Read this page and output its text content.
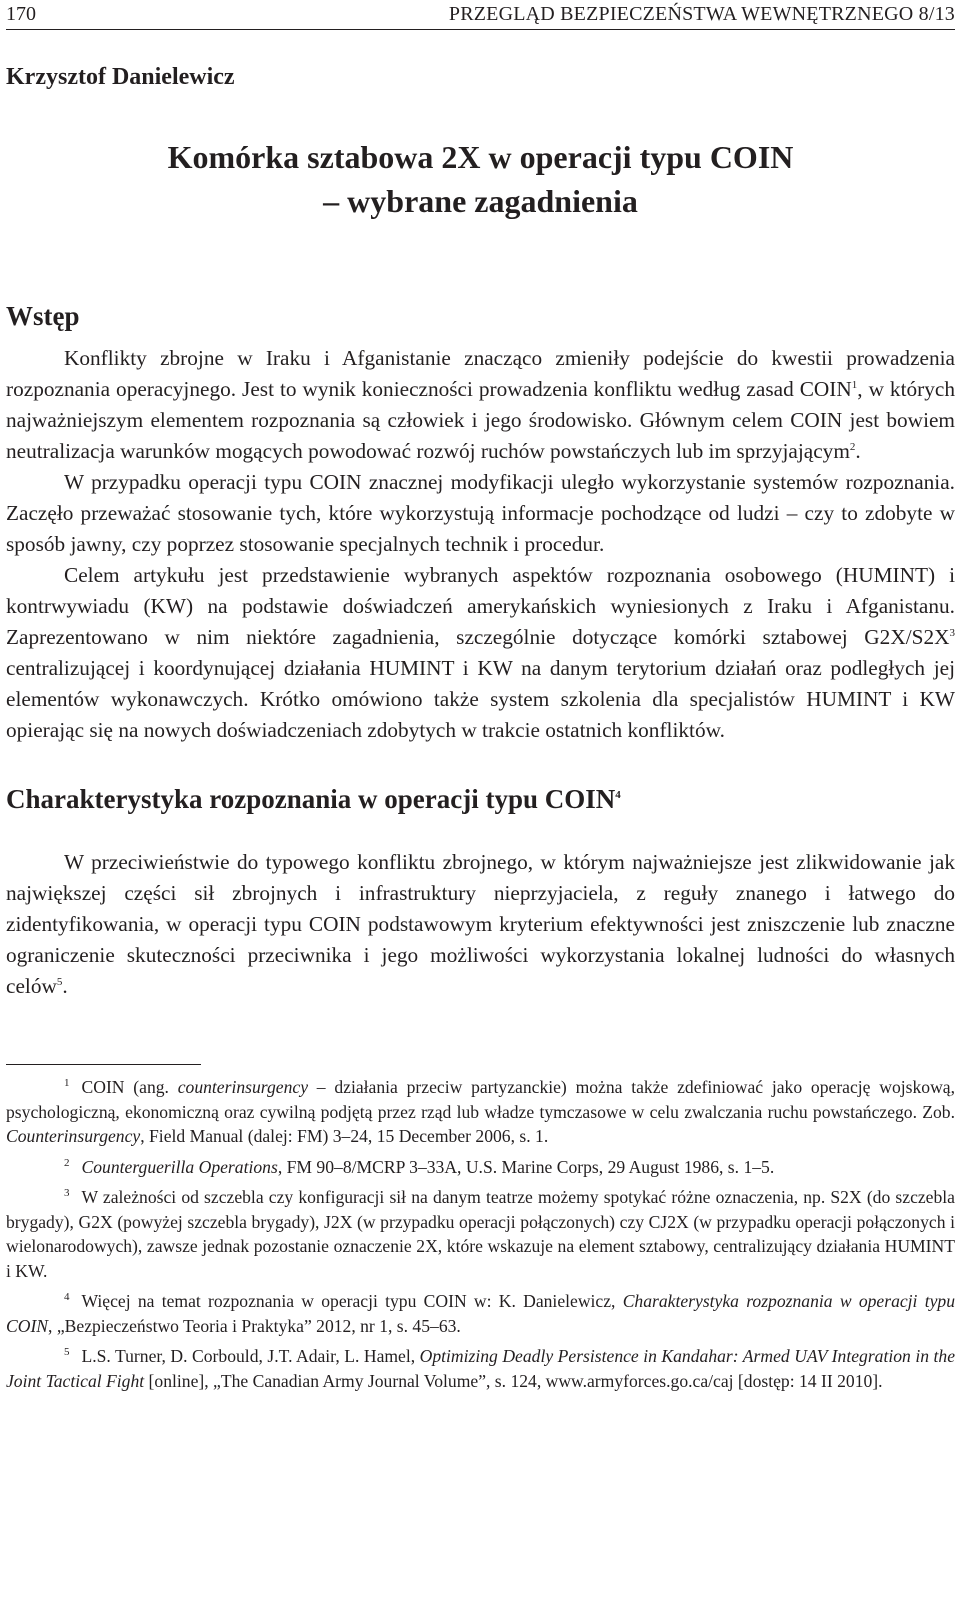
170	PRZEGLĄD BEZPIECZEŃSTWA WEWNĘTRZNEGO 8/13
Krzysztof Danielewicz
Komórka sztabowa 2X w operacji typu COIN
– wybrane zagadnienia
Wstęp

Konflikty zbrojne w Iraku i Afganistanie znacząco zmieniły podejście do kwestii prowadzenia rozpoznania operacyjnego. Jest to wynik konieczności prowadzenia konfliktu według zasad COIN$^1$, w których najważniejszym elementem rozpoznania są człowiek i jego środowisko. Głównym celem COIN jest bowiem neutralizacja warunków mogących powodować rozwój ruchów powstańczych lub im sprzyjającym$^2$.

W przypadku operacji typu COIN znacznej modyfikacji uległo wykorzystanie systemów rozpoznania. Zaczęło przeważać stosowanie tych, które wykorzystują informacje pochodzące od ludzi – czy to zdobyte w sposób jawny, czy poprzez stosowanie specjalnych technik i procedur.

Celem artykułu jest przedstawienie wybranych aspektów rozpoznania osobowego (HUMINT) i kontrwywiadu (KW) na podstawie doświadczeń amerykańskich wyniesionych z Iraku i Afganistanu. Zaprezentowano w nim niektóre zagadnienia, szczególnie dotyczące komórki sztabowej $G2X/S2X^3$ centralizującej i koordynującej działania HUMINT i KW na danym terytorium działań oraz podległych jej elementów wykonawczych. Krótko omówiono także system szkolenia dla specjalistów HUMINT i KW opierając się na nowych doświadczeniach zdobytych w trakcie ostatnich konfliktów.

Charakterystyka rozpoznania w operacji typu COIN$^4$

W przeciwieństwie do typowego konfliktu zbrojnego, w którym najważniejsze jest zlikwidowanie jak największej części sił zbrojnych i infrastruktury nieprzyjaciela, z reguły znanego i łatwego do zidentyfikowania, w operacji typu COIN podstawowym kryterium efektywności jest zniszczenie lub znaczne ograniczenie skuteczności przeciwnika i jego możliwości wykorzystania lokalnej ludności do własnych celów$^5$.

$^1$ COIN (ang. counterinsurgency – działania przeciw partyzanckie) można także zdefiniować jako operację wojskową, psychologiczną, ekonomiczną oraz cywilną podjętą przez rząd lub władze tymczasowe w celu zwalczania ruchu powstańczego. Zob. Counterinsurgency, Field Manual (dalej: FM) 3–24, 15 December 2006, s. 1.

$^2$ Counterguerilla Operations, FM 90–8/MCRP 3–33A, U.S. Marine Corps, 29 August 1986, s. 1–5.

$^3$ W zależności od szczebla czy konfiguracji sił na danym teatrze możemy spotykać różne oznaczenia, np. S2X (do szczebla brygady), G2X (powyżej szczebla brygady), J2X (w przypadku operacji połączonych) czy CJ2X (w przypadku operacji połączonych i wielonarodowych), zawsze jednak pozostanie oznaczenie 2X, które wskazuje na element sztabowy, centralizujący działania HUMINT i KW.

$^4$ Więcej na temat rozpoznania w operacji typu COIN w: K. Danielewicz, Charakterystyka rozpoznania w operacji typu COIN, „Bezpieczeństwo Teoria i Praktyka” 2012, nr 1, s. 45–63.

$^5$ L.S. Turner, D. Corbould, J.T. Adair, L. Hamel, Optimizing Deadly Persistence in Kandahar: Armed UAV Integration in the Joint Tactical Fight [online], „The Canadian Army Journal Volume”, s. 124, www.armyforces.go.ca/caj [dostęp: 14 II 2010].
